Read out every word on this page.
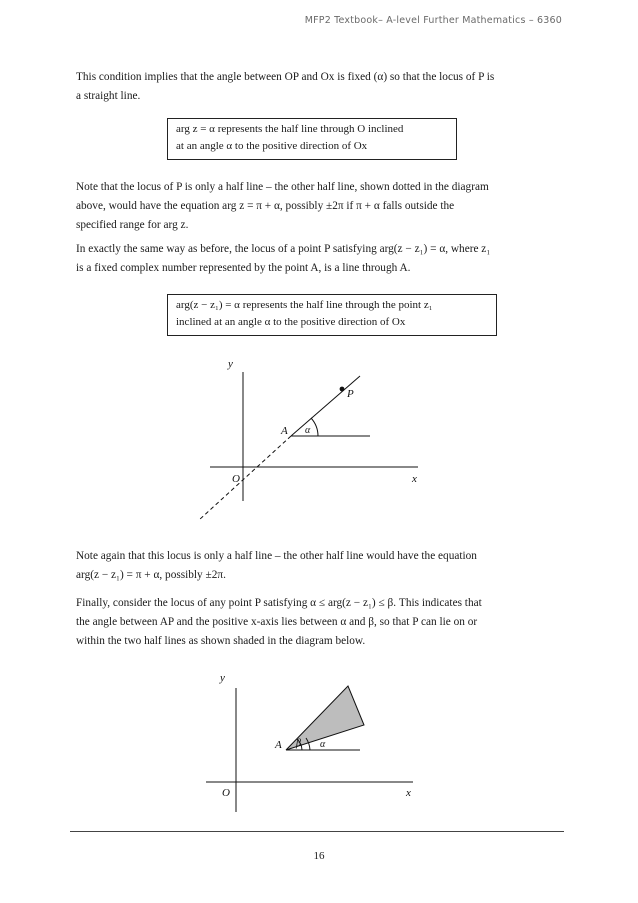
MFP2 Textbook– A-level Further Mathematics – 6360
This condition implies that the angle between OP and Ox is fixed (α) so that the locus of P is
a straight line.
arg z = α represents the half line through O inclined
at an angle α to the positive direction of Ox
Note that the locus of P is only a half line – the other half line, shown dotted in the diagram
above, would have the equation arg z = π + α, possibly ±2π if π + α falls outside the
specified range for arg z.
In exactly the same way as before, the locus of a point P satisfying arg(z − z₁) = α, where z₁
is a fixed complex number represented by the point A, is a line through A.
arg(z − z₁) = α represents the half line through the point z₁
inclined at an angle α to the positive direction of Ox
y
x
O
A
P
α
Note again that this locus is only a half line – the other half line would have the equation
arg(z − z₁) = π + α, possibly ±2π.
Finally, consider the locus of any point P satisfying α ≤ arg(z − z₁) ≤ β. This indicates that
the angle between AP and the positive x-axis lies between α and β, so that P can lie on or
within the two half lines as shown shaded in the diagram below.
y
x
O
A β α
16
